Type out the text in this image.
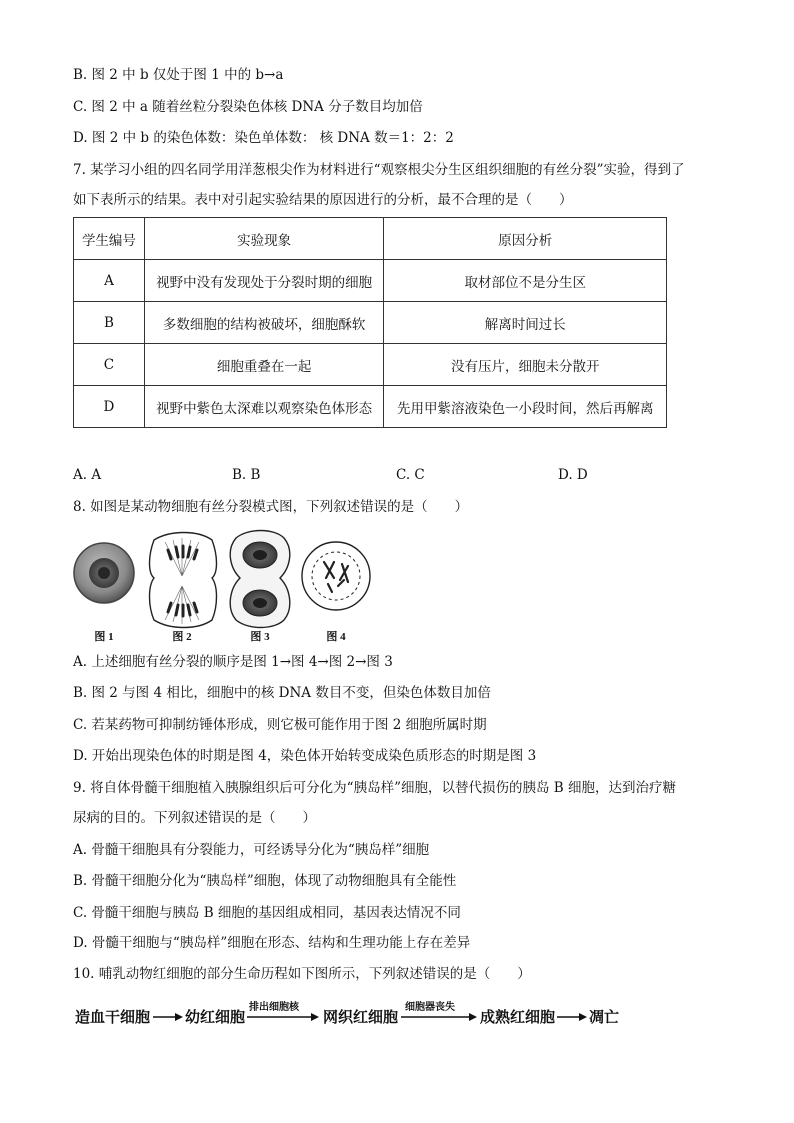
B. 图 2 中 b 仅处于图 1 中的 b→a
C. 图 2 中 a 随着丝粒分裂染色体核 DNA 分子数目均加倍
D. 图 2 中 b 的染色体数：染色单体数： 核 DNA 数＝1：2：2
7. 某学习小组的四名同学用洋葱根尖作为材料进行“观察根尖分生区组织细胞的有丝分裂”实验，得到了
如下表所示的结果。表中对引起实验结果的原因进行的分析，最不合理的是（　　）
学生编号	实验现象	原因分析
A	视野中没有发现处于分裂时期的细胞	取材部位不是分生区
B	多数细胞的结构被破坏，细胞酥软	解离时间过长
C	细胞重叠在一起	没有压片，细胞未分散开
D	视野中紫色太深难以观察染色体形态	先用甲紫溶液染色一小段时间，然后再解离
A. A	B. B	C. C	D. D
8. 如图是某动物细胞有丝分裂模式图，下列叙述错误的是（　　）
图 1	图 2	图 3	图 4
A. 上述细胞有丝分裂的顺序是图 1→图 4→图 2→图 3
B. 图 2 与图 4 相比，细胞中的核 DNA 数目不变，但染色体数目加倍
C. 若某药物可抑制纺锤体形成，则它极可能作用于图 2 细胞所属时期
D. 开始出现染色体的时期是图 4，染色体开始转变成染色质形态的时期是图 3
9. 将自体骨髓干细胞植入胰腺组织后可分化为“胰岛样”细胞，以替代损伤的胰岛 B 细胞，达到治疗糖
尿病的目的。下列叙述错误的是（　　）
A. 骨髓干细胞具有分裂能力，可经诱导分化为“胰岛样”细胞
B. 骨髓干细胞分化为“胰岛样”细胞，体现了动物细胞具有全能性
C. 骨髓干细胞与胰岛 B 细胞的基因组成相同，基因表达情况不同
D. 骨髓干细胞与“胰岛样”细胞在形态、结构和生理功能上存在差异
10. 哺乳动物红细胞的部分生命历程如下图所示，下列叙述错误的是（　　）
造血干细胞 幼红细胞
排出细胞核
网织红细胞
细胞器丧失
成熟红细胞 凋亡
